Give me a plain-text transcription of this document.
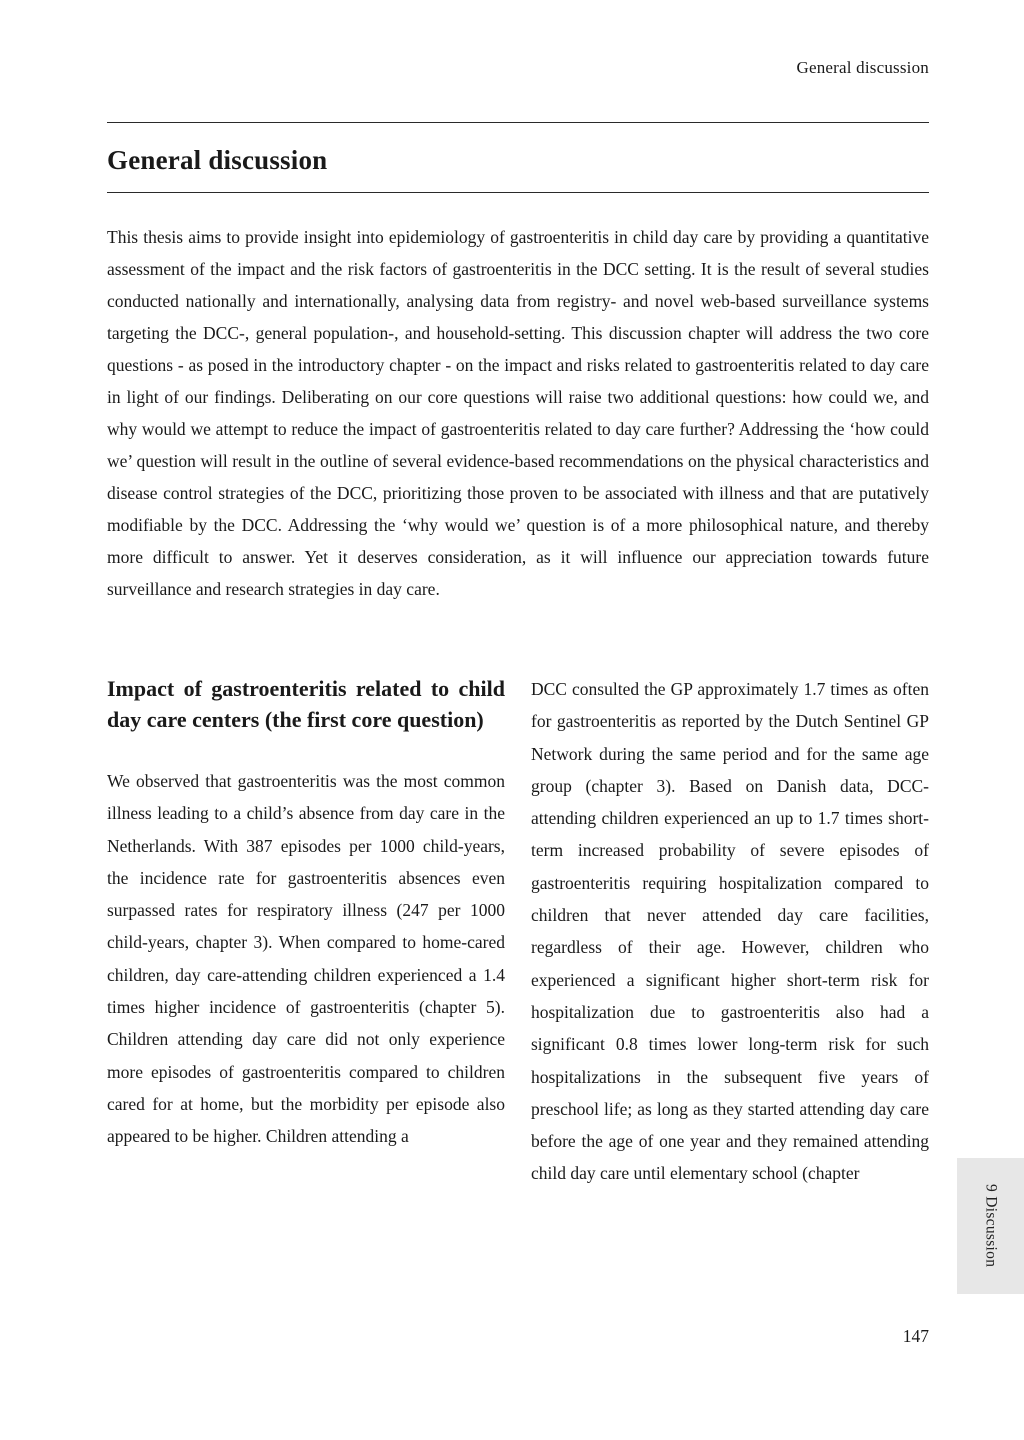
General discussion
General discussion

This thesis aims to provide insight into epidemiology of gastroenteritis in child day care by providing a quantitative assessment of the impact and the risk factors of gastroenteritis in the DCC setting. It is the result of several studies conducted nationally and internationally, analysing data from registry- and novel web-based surveillance systems targeting the DCC-, general population-, and household-setting. This discussion chapter will address the two core questions - as posed in the introductory chapter - on the impact and risks related to gastroenteritis related to day care in light of our findings. Deliberating on our core questions will raise two additional questions: how could we, and why would we attempt to reduce the impact of gastroenteritis related to day care further? Addressing the ‘how could we’ question will result in the outline of several evidence-based recommendations on the physical characteristics and disease control strategies of the DCC, prioritizing those proven to be associated with illness and that are putatively modifiable by the DCC. Addressing the ‘why would we’ question is of a more philosophical nature, and thereby more difficult to answer. Yet it deserves consideration, as it will influence our appreciation towards future surveillance and research strategies in day care.

Impact of gastroenteritis related to child day care centers (the first core question)

We observed that gastroenteritis was the most common illness leading to a child’s absence from day care in the Netherlands. With 387 episodes per 1000 child-years, the incidence rate for gastroenteritis absences even surpassed rates for respiratory illness (247 per 1000 child-years, chapter 3). When compared to home-cared children, day care-attending children experienced a 1.4 times higher incidence of gastroenteritis (chapter 5). Children attending day care did not only experience more episodes of gastroenteritis compared to children cared for at home, but the morbidity per episode also appeared to be higher. Children attending a

DCC consulted the GP approximately 1.7 times as often for gastroenteritis as reported by the Dutch Sentinel GP Network during the same period and for the same age group (chapter 3). Based on Danish data, DCC-attending children experienced an up to 1.7 times short-term increased probability of severe episodes of gastroenteritis requiring hospitalization compared to children that never attended day care facilities, regardless of their age. However, children who experienced a significant higher short-term risk for hospitalization due to gastroenteritis also had a significant 0.8 times lower long-term risk for such hospitalizations in the subsequent five years of preschool life; as long as they started attending day care before the age of one year and they remained attending child day care until elementary school (chapter

9 Discussion
147
